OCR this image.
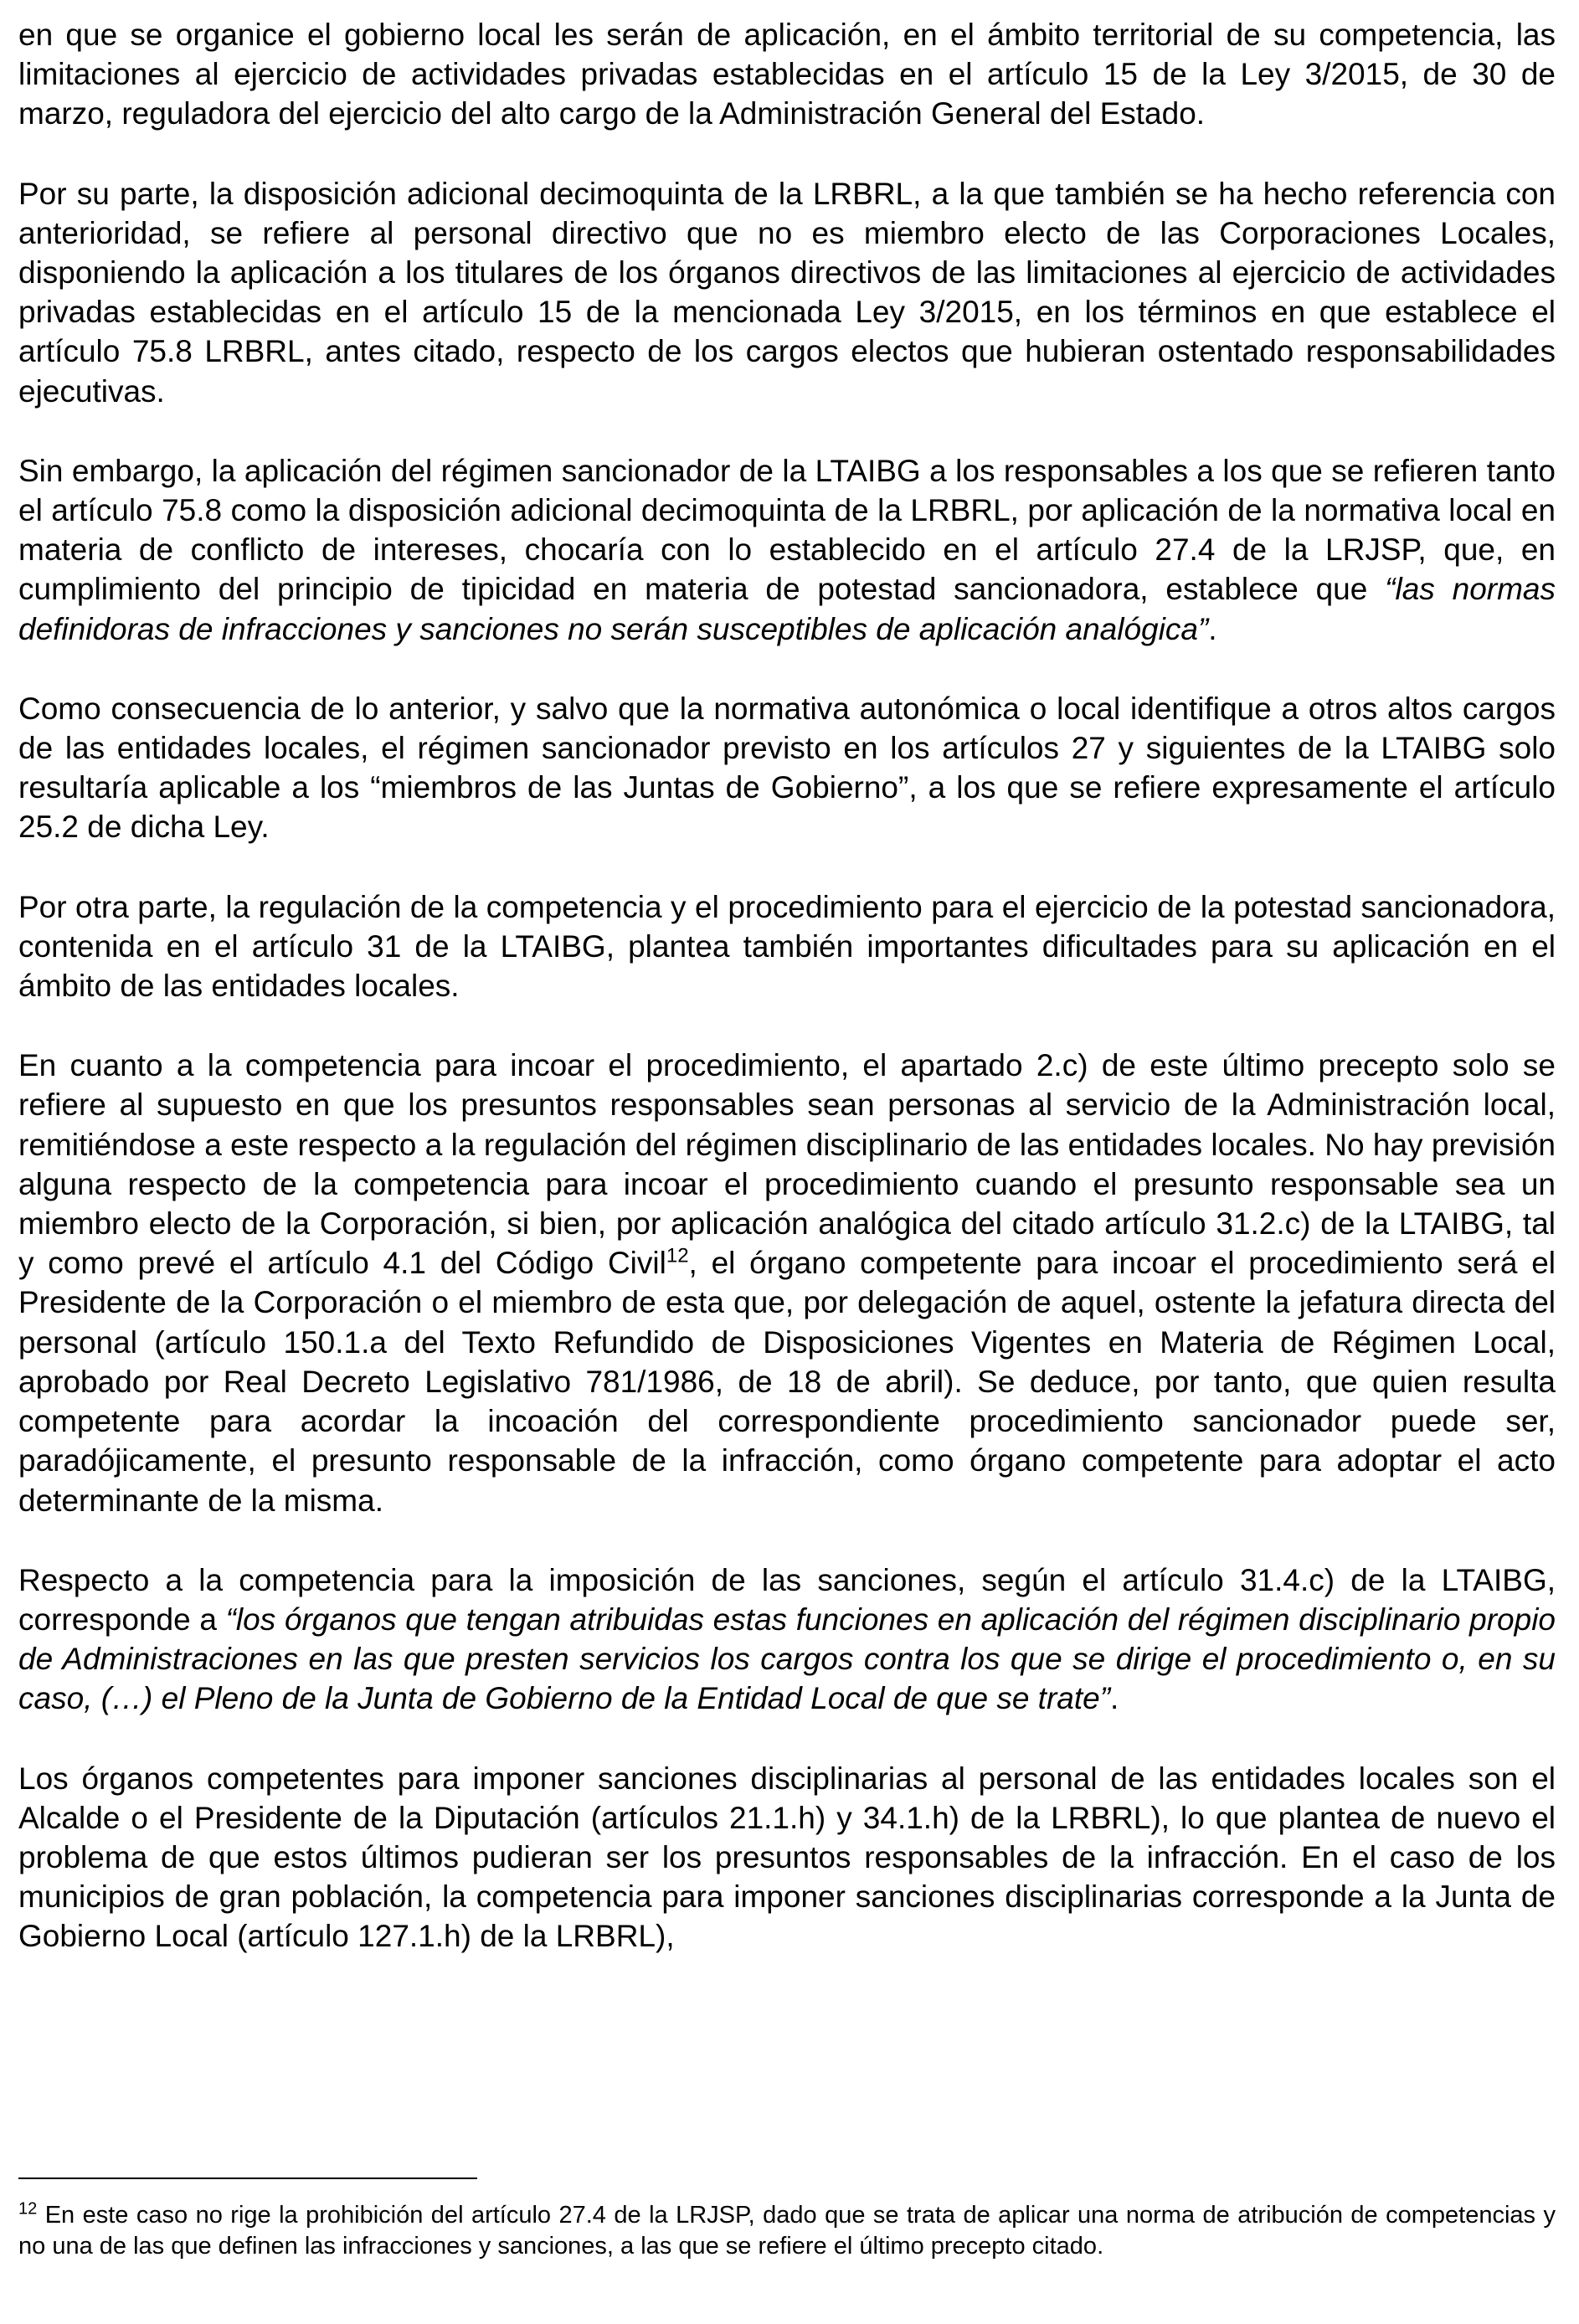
en que se organice el gobierno local les serán de aplicación, en el ámbito territorial de su competencia, las limitaciones al ejercicio de actividades privadas establecidas en el artículo 15 de la Ley 3/2015, de 30 de marzo, reguladora del ejercicio del alto cargo de la Administración General del Estado.

Por su parte, la disposición adicional decimoquinta de la LRBRL, a la que también se ha hecho referencia con anterioridad, se refiere al personal directivo que no es miembro electo de las Corporaciones Locales, disponiendo la aplicación a los titulares de los órganos directivos de las limitaciones al ejercicio de actividades privadas establecidas en el artículo 15 de la mencionada Ley 3/2015, en los términos en que establece el artículo 75.8 LRBRL, antes citado, respecto de los cargos electos que hubieran ostentado responsabilidades ejecutivas.

Sin embargo, la aplicación del régimen sancionador de la LTAIBG a los responsables a los que se refieren tanto el artículo 75.8 como la disposición adicional decimoquinta de la LRBRL, por aplicación de la normativa local en materia de conflicto de intereses, chocaría con lo establecido en el artículo 27.4 de la LRJSP, que, en cumplimiento del principio de tipicidad en materia de potestad sancionadora, establece que “las normas definidoras de infracciones y sanciones no serán susceptibles de aplicación analógica”.

Como consecuencia de lo anterior, y salvo que la normativa autonómica o local identifique a otros altos cargos de las entidades locales, el régimen sancionador previsto en los artículos 27 y siguientes de la LTAIBG solo resultaría aplicable a los “miembros de las Juntas de Gobierno”, a los que se refiere expresamente el artículo 25.2 de dicha Ley.

Por otra parte, la regulación de la competencia y el procedimiento para el ejercicio de la potestad sancionadora, contenida en el artículo 31 de la LTAIBG, plantea también importantes dificultades para su aplicación en el ámbito de las entidades locales.

En cuanto a la competencia para incoar el procedimiento, el apartado 2.c) de este último precepto solo se refiere al supuesto en que los presuntos responsables sean personas al servicio de la Administración local, remitiéndose a este respecto a la regulación del régimen disciplinario de las entidades locales. No hay previsión alguna respecto de la competencia para incoar el procedimiento cuando el presunto responsable sea un miembro electo de la Corporación, si bien, por aplicación analógica del citado artículo 31.2.c) de la LTAIBG, tal y como prevé el artículo 4.1 del Código Civil$^{12}$, el órgano competente para incoar el procedimiento será el Presidente de la Corporación o el miembro de esta que, por delegación de aquel, ostente la jefatura directa del personal (artículo 150.1.a del Texto Refundido de Disposiciones Vigentes en Materia de Régimen Local, aprobado por Real Decreto Legislativo 781/1986, de 18 de abril). Se deduce, por tanto, que quien resulta competente para acordar la incoación del correspondiente procedimiento sancionador puede ser, paradójicamente, el presunto responsable de la infracción, como órgano competente para adoptar el acto determinante de la misma.

Respecto a la competencia para la imposición de las sanciones, según el artículo 31.4.c) de la LTAIBG, corresponde a “los órganos que tengan atribuidas estas funciones en aplicación del régimen disciplinario propio de Administraciones en las que presten servicios los cargos contra los que se dirige el procedimiento o, en su caso, (…) el Pleno de la Junta de Gobierno de la Entidad Local de que se trate”.

Los órganos competentes para imponer sanciones disciplinarias al personal de las entidades locales son el Alcalde o el Presidente de la Diputación (artículos 21.1.h) y 34.1.h) de la LRBRL), lo que plantea de nuevo el problema de que estos últimos pudieran ser los presuntos responsables de la infracción. En el caso de los municipios de gran población, la competencia para imponer sanciones disciplinarias corresponde a la Junta de Gobierno Local (artículo 127.1.h) de la LRBRL),

$^{12}$ En este caso no rige la prohibición del artículo 27.4 de la LRJSP, dado que se trata de aplicar una norma de atribución de competencias y no una de las que definen las infracciones y sanciones, a las que se refiere el último precepto citado.
